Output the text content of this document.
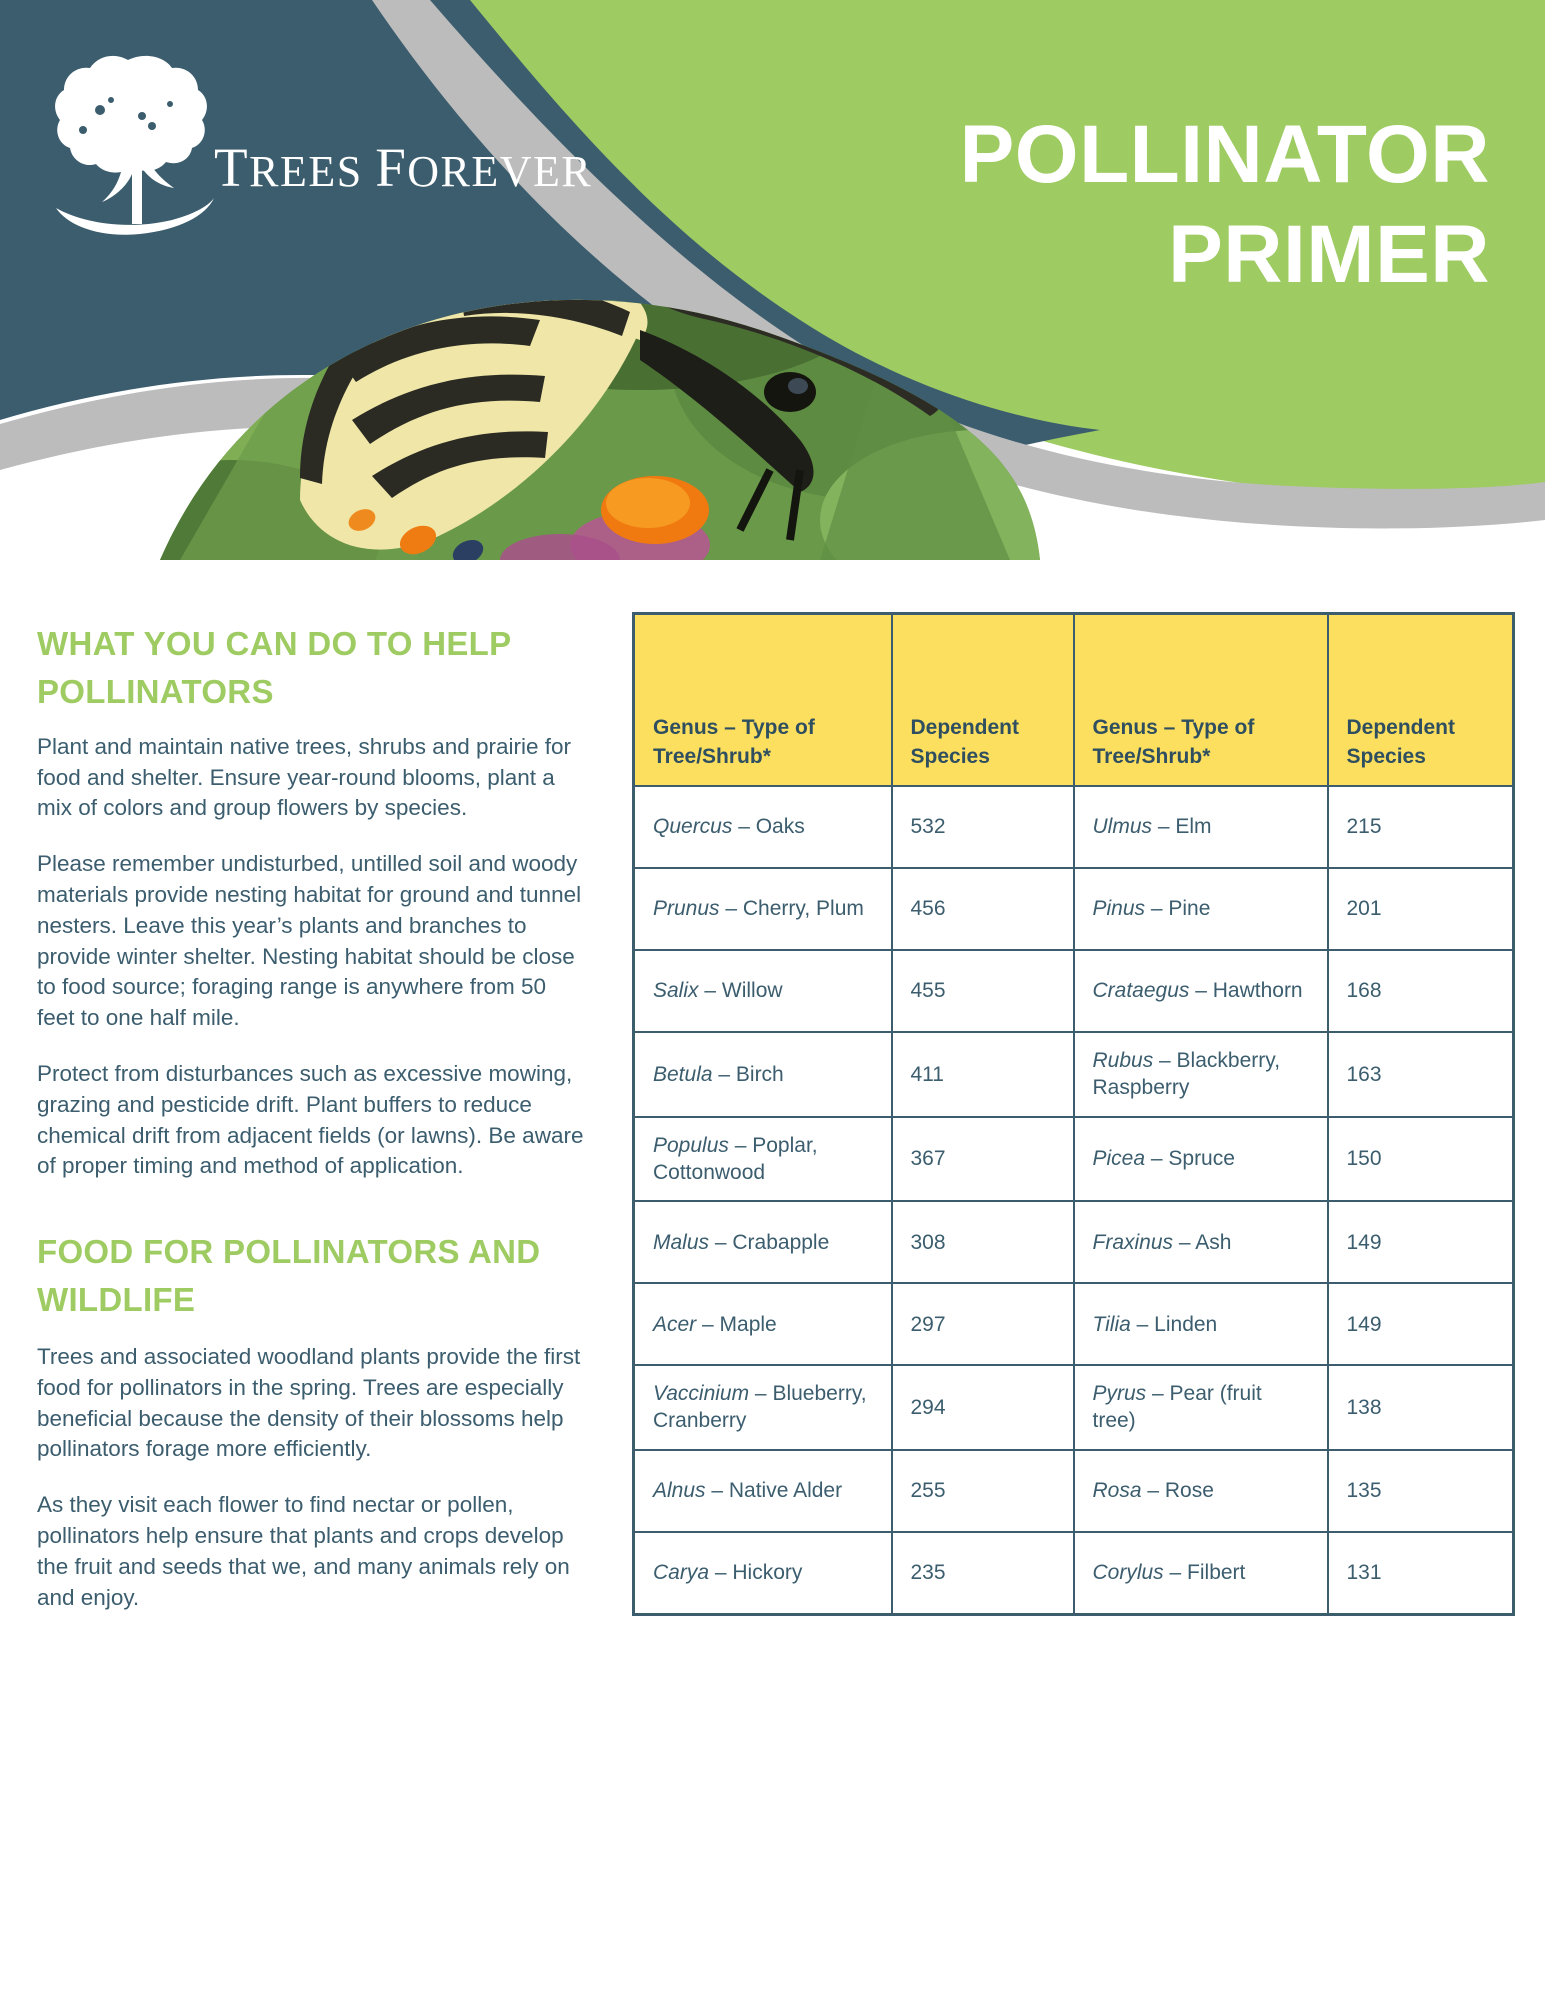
TREES FOREVER	POLLINATOR
PRIMER
WHAT YOU CAN DO TO HELP POLLINATORS

Plant and maintain native trees, shrubs and prairie for food and shelter. Ensure year-round blooms, plant a mix of colors and group flowers by species.

Please remember undisturbed, untilled soil and woody materials provide nesting habitat for ground and tunnel nesters. Leave this year’s plants and branches to provide winter shelter. Nesting habitat should be close to food source; foraging range is anywhere from 50 feet to one half mile.

Protect from disturbances such as excessive mowing, grazing and pesticide drift. Plant buffers to reduce chemical drift from adjacent fields (or lawns). Be aware of proper timing and method of application.

FOOD FOR POLLINATORS AND WILDLIFE

Trees and associated woodland plants provide the first food for pollinators in the spring. Trees are especially beneficial because the density of their blossoms help pollinators forage more efficiently.

As they visit each flower to find nectar or pollen, pollinators help ensure that plants and crops develop the fruit and seeds that we, and many animals rely on and enjoy.

Genus – Type of Tree/Shrub*	Dependent Species	Genus – Type of Tree/Shrub*	Dependent Species
Quercus – Oaks	532	Ulmus – Elm	215
Prunus – Cherry, Plum	456	Pinus – Pine	201
Salix – Willow	455	Crataegus – Hawthorn	168
Betula – Birch	411	Rubus – Blackberry, Raspberry	163
Populus – Poplar, Cottonwood	367	Picea – Spruce	150
Malus – Crabapple	308	Fraxinus – Ash	149
Acer – Maple	297	Tilia – Linden	149
Vaccinium – Blueberry, Cranberry	294	Pyrus – Pear (fruit tree)	138
Alnus – Native Alder	255	Rosa – Rose	135
Carya – Hickory	235	Corylus – Filbert	131
